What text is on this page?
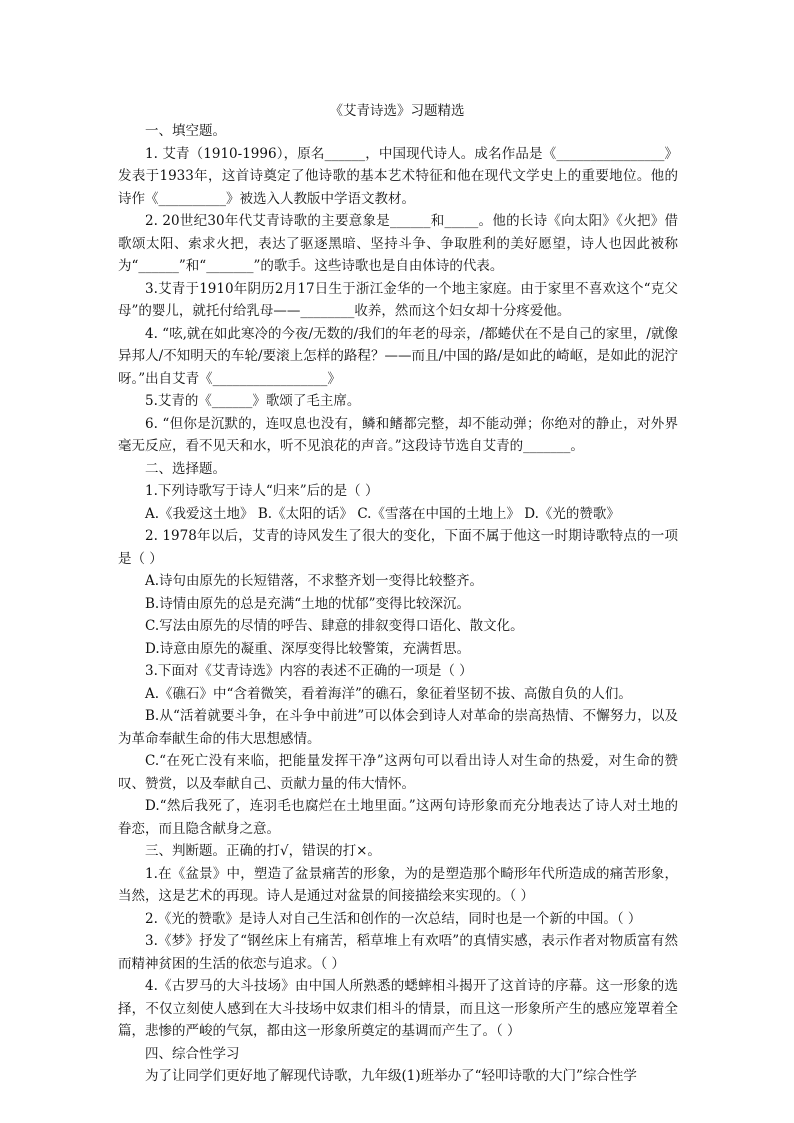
《艾青诗选》习题精选

一、填空题。

1. 艾青（1910-1996），原名______，中国现代诗人。成名作品是《________________》发表于1933年，这首诗奠定了他诗歌的基本艺术特征和他在现代文学史上的重要地位。他的诗作《__________》被选入人教版中学语文教材。

2. 20世纪30年代艾青诗歌的主要意象是______和_____。他的长诗《向太阳》《火把》借歌颂太阳、索求火把，表达了驱逐黑暗、坚持斗争、争取胜利的美好愿望，诗人也因此被称为“______”和“_______”的歌手。这些诗歌也是自由体诗的代表。

3.艾青于1910年阴历2月17日生于浙江金华的一个地主家庭。由于家里不喜欢这个“克父母”的婴儿，就托付给乳母——________收养，然而这个妇女却十分疼爱他。

4. “呟,就在如此寒冷的今夜/无数的/我们的年老的母亲，/都蜷伏在不是自己的家里，/就像异邦人/不知明天的车轮/要滚上怎样的路程？——而且/中国的路/是如此的崎岖，是如此的泥泞呀。”出自艾青《_________________》

5.艾青的《______》歌颂了毛主席。

6. “但你是沉默的，连叹息也没有，鳞和鳍都完整，却不能动弹；你绝对的静止，对外界毫无反应，看不见天和水，听不见浪花的声音。”这段诗节选自艾青的_______。

二、选择题。

1.下列诗歌写于诗人“归来”后的是（ ）

A.《我爱这土地》 B.《太阳的话》 C.《雪落在中国的土地上》 D.《光的赞歌》

2. 1978年以后，艾青的诗风发生了很大的变化，下面不属于他这一时期诗歌特点的一项是（ ）

A.诗句由原先的长短错落，不求整齐划一变得比较整齐。

B.诗情由原先的总是充满“土地的忧郁”变得比较深沉。

C.写法由原先的尽情的呼告、肆意的排叙变得口语化、散文化。

D.诗意由原先的凝重、深厚变得比较警策，充满哲思。

3.下面对《艾青诗选》内容的表述不正确的一项是（ ）

A.《礁石》中“含着微笑，看着海洋”的礁石，象征着坚韧不拔、高傲自负的人们。

B.从“活着就要斗争，在斗争中前进”可以体会到诗人对革命的崇高热情、不懈努力，以及为革命奉献生命的伟大思想感情。

C.“在死亡没有来临，把能量发挥干净”这两句可以看出诗人对生命的热爱，对生命的赞叹、赞赏，以及奉献自己、贡献力量的伟大情怀。

D.“然后我死了，连羽毛也腐烂在土地里面。”这两句诗形象而充分地表达了诗人对土地的眷恋，而且隐含献身之意。

三、判断题。正确的打√，错误的打×。

1.在《盆景》中，塑造了盆景痛苦的形象，为的是塑造那个畸形年代所造成的痛苦形象，当然，这是艺术的再现。诗人是通过对盆景的间接描绘来实现的。（ ）

2.《光的赞歌》是诗人对自己生活和创作的一次总结，同时也是一个新的中国。（ ）

3.《梦》抒发了“钢丝床上有痛苦，稻草堆上有欢唔”的真情实感，表示作者对物质富有然而精神贫困的生活的依恋与追求。（ ）

4.《古罗马的大斗技场》由中国人所熟悉的蟋蟀相斗揭开了这首诗的序幕。这一形象的选择，不仅立刻使人感到在大斗技场中奴隶们相斗的情景，而且这一形象所产生的感应笼罩着全篇，悲惨的严峻的气氛，都由这一形象所奠定的基调而产生了。（ ）

四、综合性学习

为了让同学们更好地了解现代诗歌，九年级(1)班举办了“轻叩诗歌的大门”综合性学
